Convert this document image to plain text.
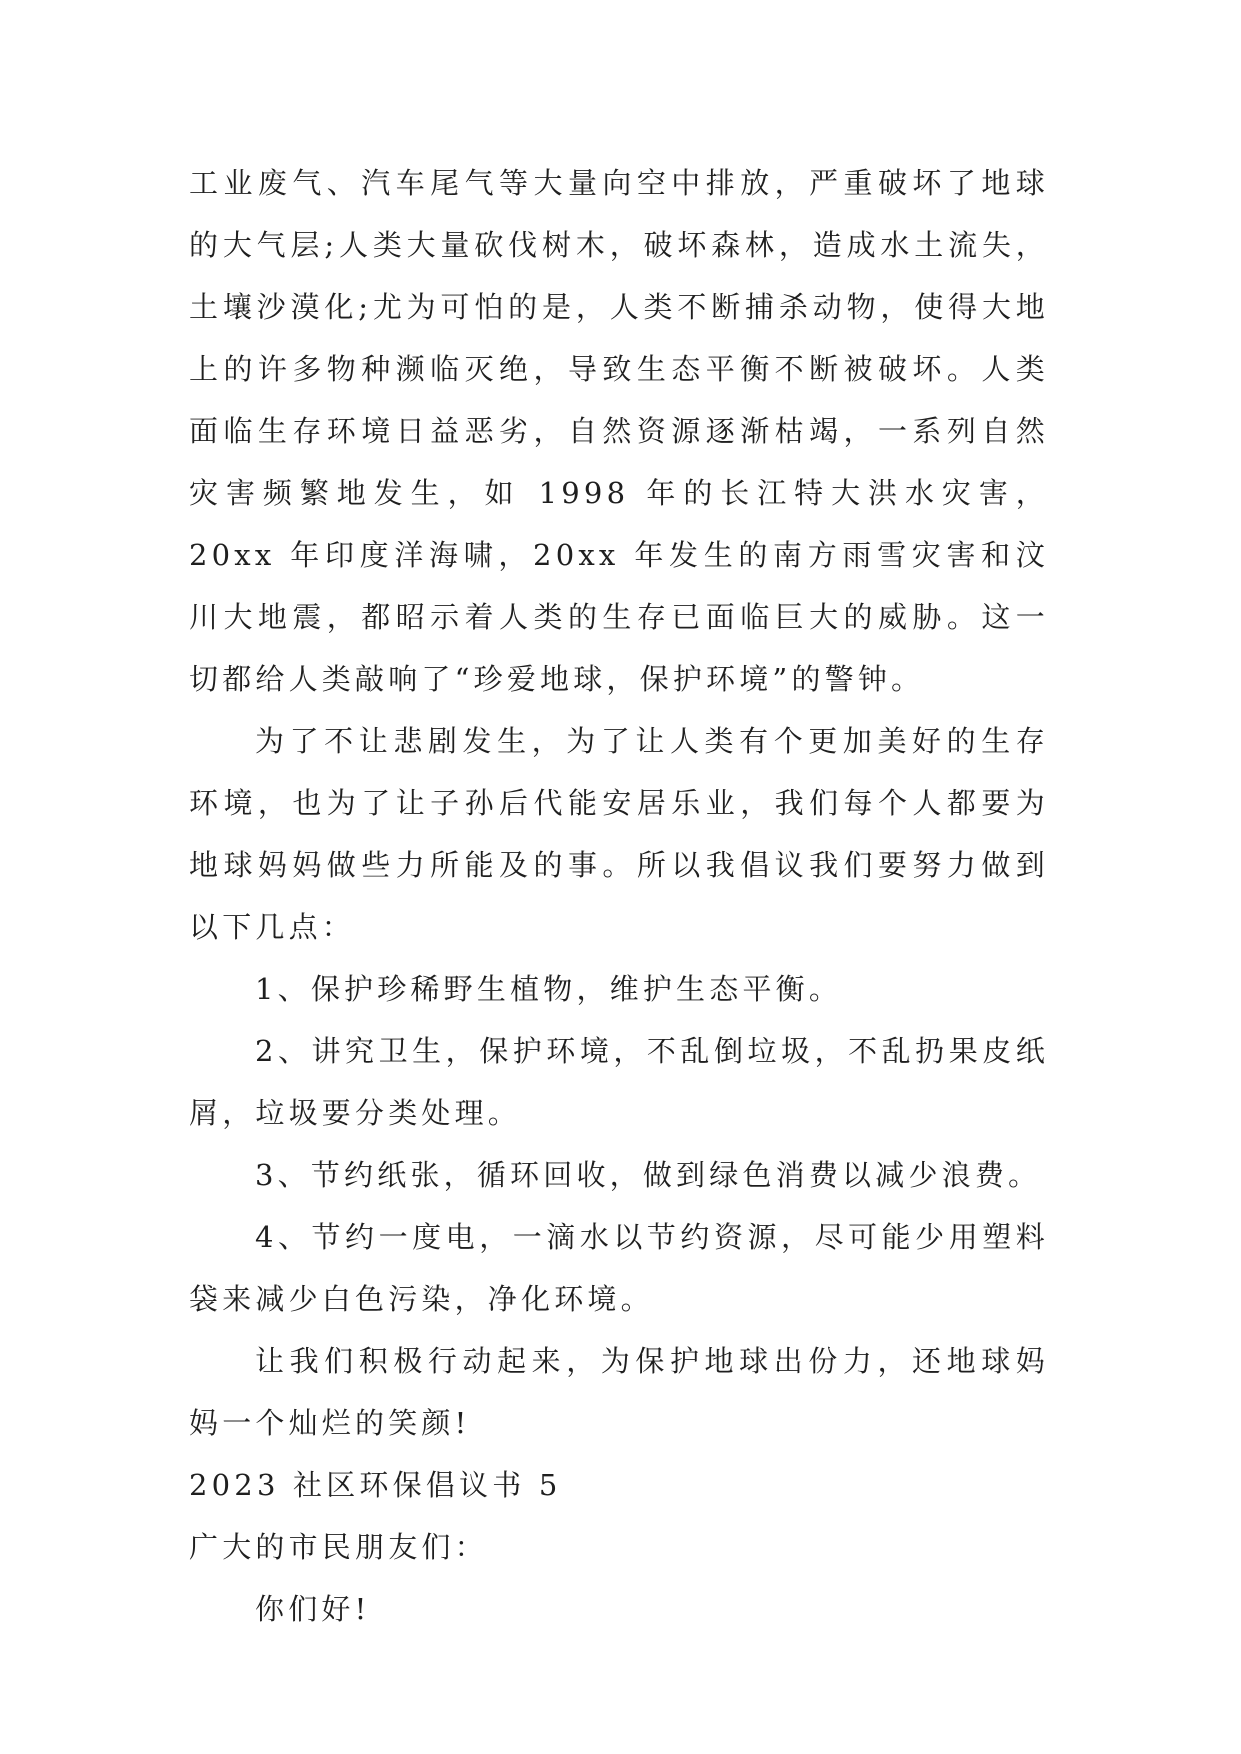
工业废气、汽车尾气等大量向空中排放，严重破坏了地球的大气层;人类大量砍伐树木，破坏森林，造成水土流失，土壤沙漠化;尤为可怕的是，人类不断捕杀动物，使得大地上的许多物种濒临灭绝，导致生态平衡不断被破坏。人类面临生存环境日益恶劣，自然资源逐渐枯竭，一系列自然灾害频繁地发生，如 1998 年的长江特大洪水灾害，20xx 年印度洋海啸，20xx 年发生的南方雨雪灾害和汶川大地震，都昭示着人类的生存已面临巨大的威胁。这一切都给人类敲响了“珍爱地球，保护环境”的警钟。

为了不让悲剧发生，为了让人类有个更加美好的生存环境，也为了让子孙后代能安居乐业，我们每个人都要为地球妈妈做些力所能及的事。所以我倡议我们要努力做到以下几点：

1、保护珍稀野生植物，维护生态平衡。

2、讲究卫生，保护环境，不乱倒垃圾，不乱扔果皮纸屑，垃圾要分类处理。

3、节约纸张，循环回收，做到绿色消费以减少浪费。

4、节约一度电，一滴水以节约资源，尽可能少用塑料袋来减少白色污染，净化环境。

让我们积极行动起来，为保护地球出份力，还地球妈妈一个灿烂的笑颜!

2023 社区环保倡议书 5

广大的市民朋友们：

你们好!
